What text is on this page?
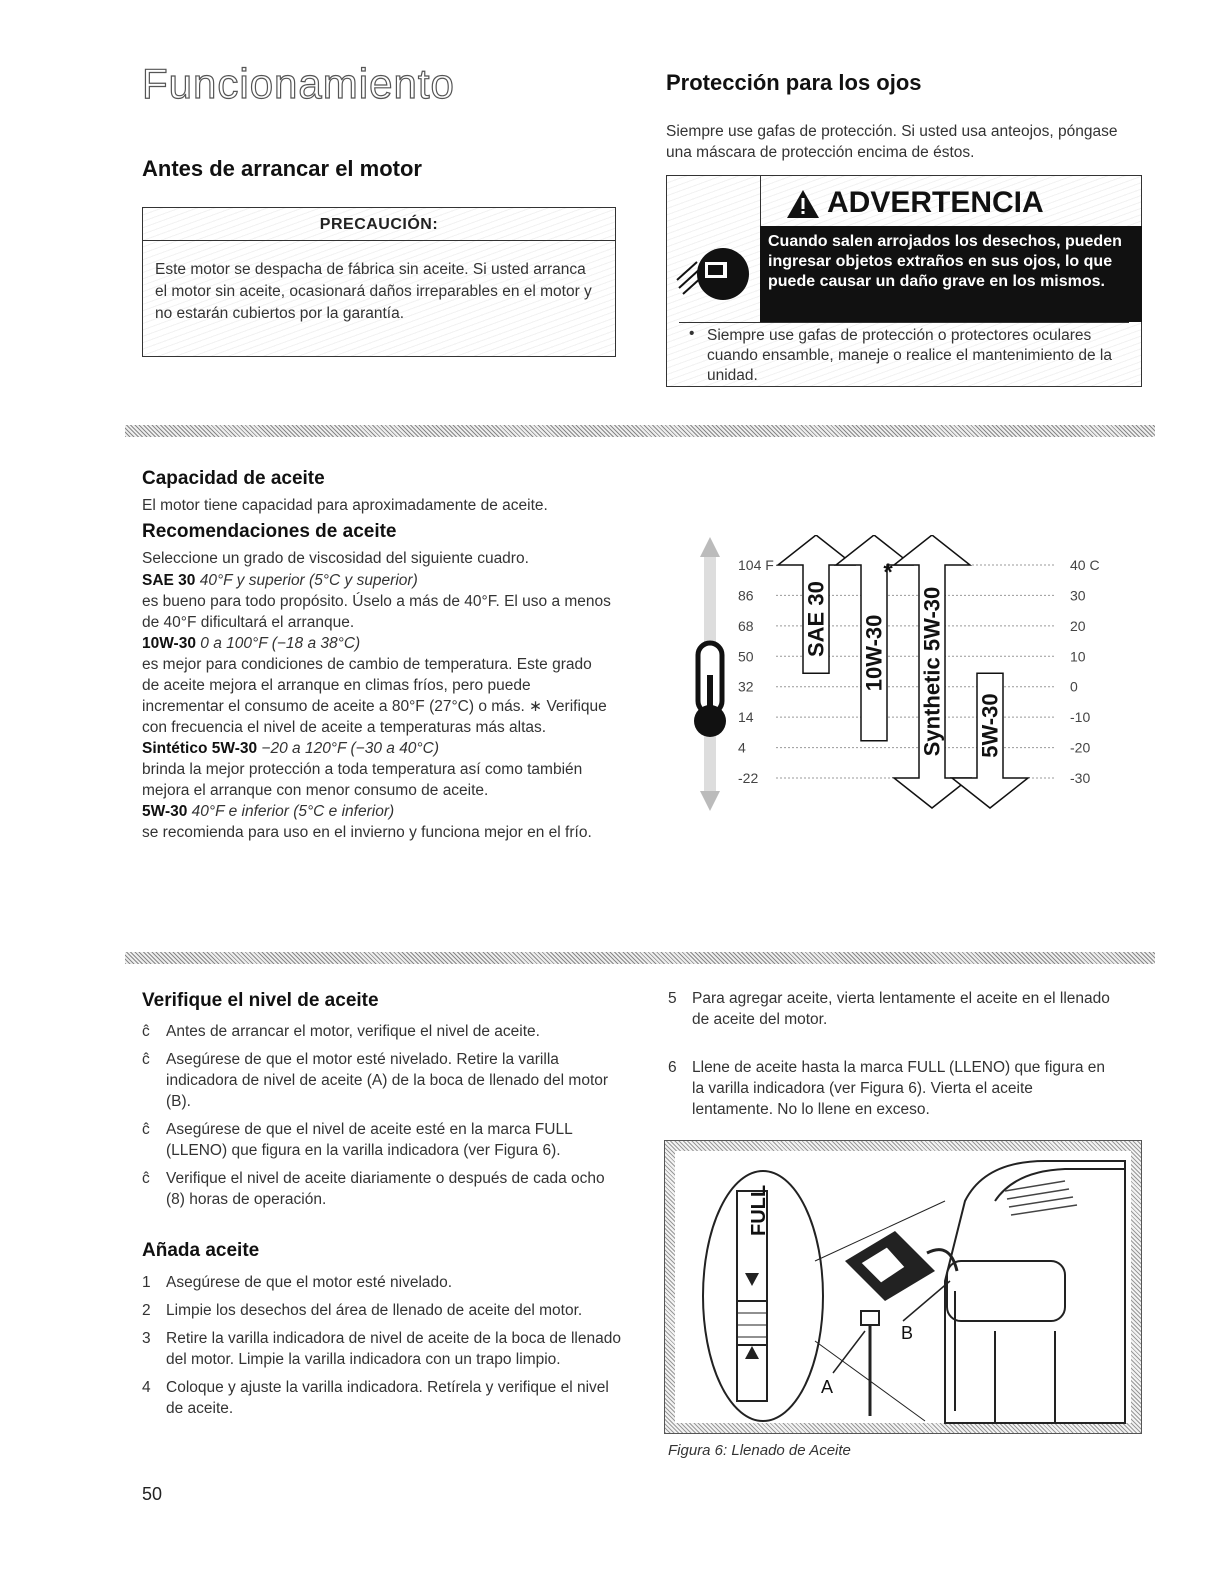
Funcionamiento
Antes de arrancar el motor
PRECAUCIÓN:
Este motor se despacha de fábrica sin aceite. Si usted arranca el motor sin aceite, ocasionará daños irreparables en el motor y no estarán cubiertos por la garantía.
Protección para los ojos

Siempre use gafas de protección. Si usted usa anteojos, póngase una máscara de protección encima de éstos.

ADVERTENCIA
Cuando salen arrojados los desechos, pueden ingresar objetos extraños en sus ojos, lo que puede causar un daño grave en los mismos.
• Siempre use gafas de protección o protectores oculares cuando ensamble, maneje o realice el mantenimiento de la unidad.
Capacidad de aceite

El motor tiene capacidad para aproximadamente de aceite.

Recomendaciones de aceite

Seleccione un grado de viscosidad del siguiente cuadro.

SAE 30 40°F y superior (5°C y superior)

es bueno para todo propósito. Úselo a más de 40°F. El uso a menos de 40°F dificultará el arranque.

10W-30 0 a 100°F (−18 a 38°C)

es mejor para condiciones de cambio de temperatura. Este grado de aceite mejora el arranque en climas fríos, pero puede incrementar el consumo de aceite a 80°F (27°C) o más. ∗ Verifique con frecuencia el nivel de aceite a temperaturas más altas.

Sintético 5W-30 −20 a 120°F (−30 a 40°C)

brinda la mejor protección a toda temperatura así como también mejora el arranque con menor consumo de aceite.

5W-30 40°F e inferior (5°C e inferior)

se recomienda para uso en el invierno y funciona mejor en el frío.

SAE 30 10W-30 Synthetic 5W-30 5W-30
*
104 F	40 C
86	30
68	20
50	10
32	0
14	-10
4	-20
-22	-30
Verifique el nivel de aceite
ĉ Antes de arrancar el motor, verifique el nivel de aceite.
ĉ Asegúrese de que el motor esté nivelado. Retire la varilla indicadora de nivel de aceite (A) de la boca de llenado del motor (B).
ĉ Asegúrese de que el nivel de aceite esté en la marca FULL (LLENO) que figura en la varilla indicadora (ver Figura 6).
ĉ Verifique el nivel de aceite diariamente o después de cada ocho (8) horas de operación.
Añada aceite
1 Asegúrese de que el motor esté nivelado.
2 Limpie los desechos del área de llenado de aceite del motor.
3 Retire la varilla indicadora de nivel de aceite de la boca de llenado del motor. Limpie la varilla indicadora con un trapo limpio.
4 Coloque y ajuste la varilla indicadora. Retírela y verifique el nivel de aceite.
5 Para agregar aceite, vierta lentamente el aceite en el llenado de aceite del motor.
6 Llene de aceite hasta la marca FULL (LLENO) que figura en la varilla indicadora (ver Figura 6). Vierta el aceite lentamente. No lo llene en exceso.
FULL
A
B

Figura 6: Llenado de Aceite

50
